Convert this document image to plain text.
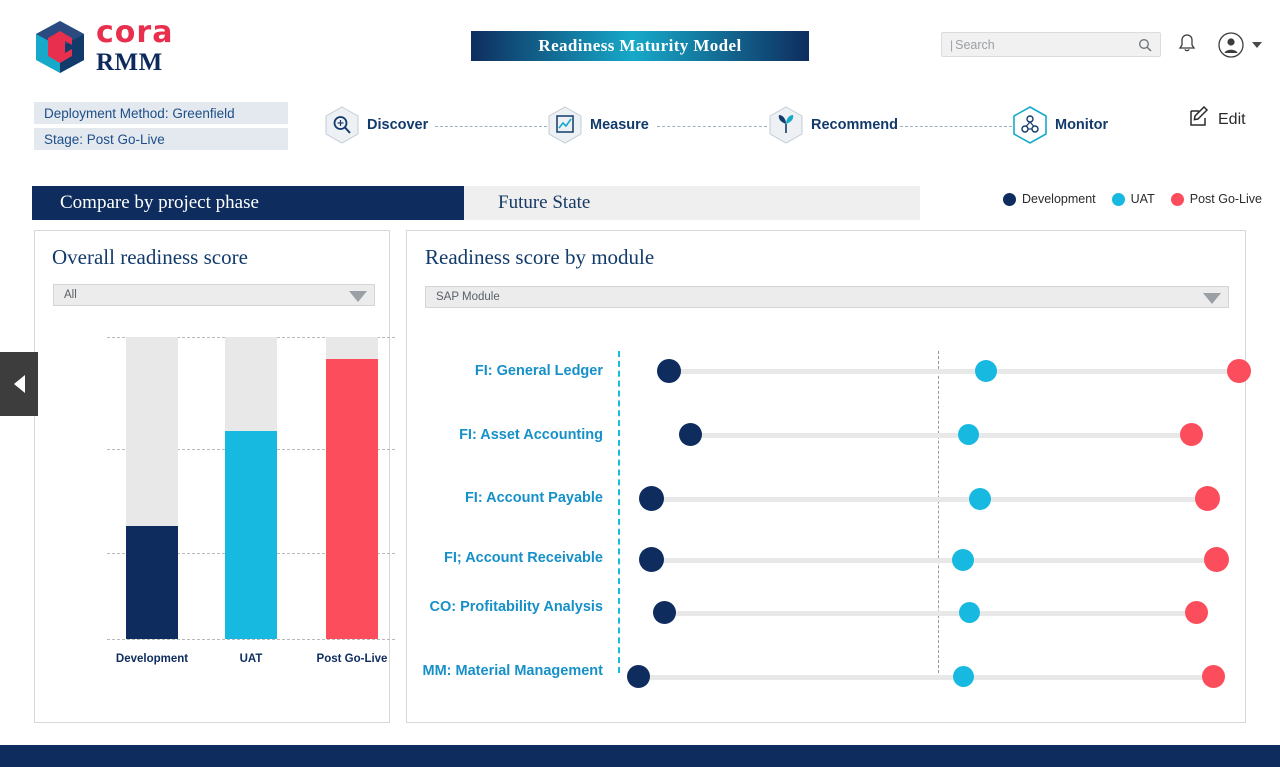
cora
RMM
Readiness Maturity Model	| Search
Deployment Method: Greenfield
Stage: Post Go-Live
Discover	Measure	Recommend	Monitor	Edit
Compare by project phase	Future State	Development	UAT	Post Go-Live
Overall readiness score
All
Development	UAT	Post Go-Live
Readiness score by module
SAP Module
FI: General Ledger
FI: Asset Accounting
FI: Account Payable
FI; Account Receivable
CO: Profitability Analysis
MM: Material Management
